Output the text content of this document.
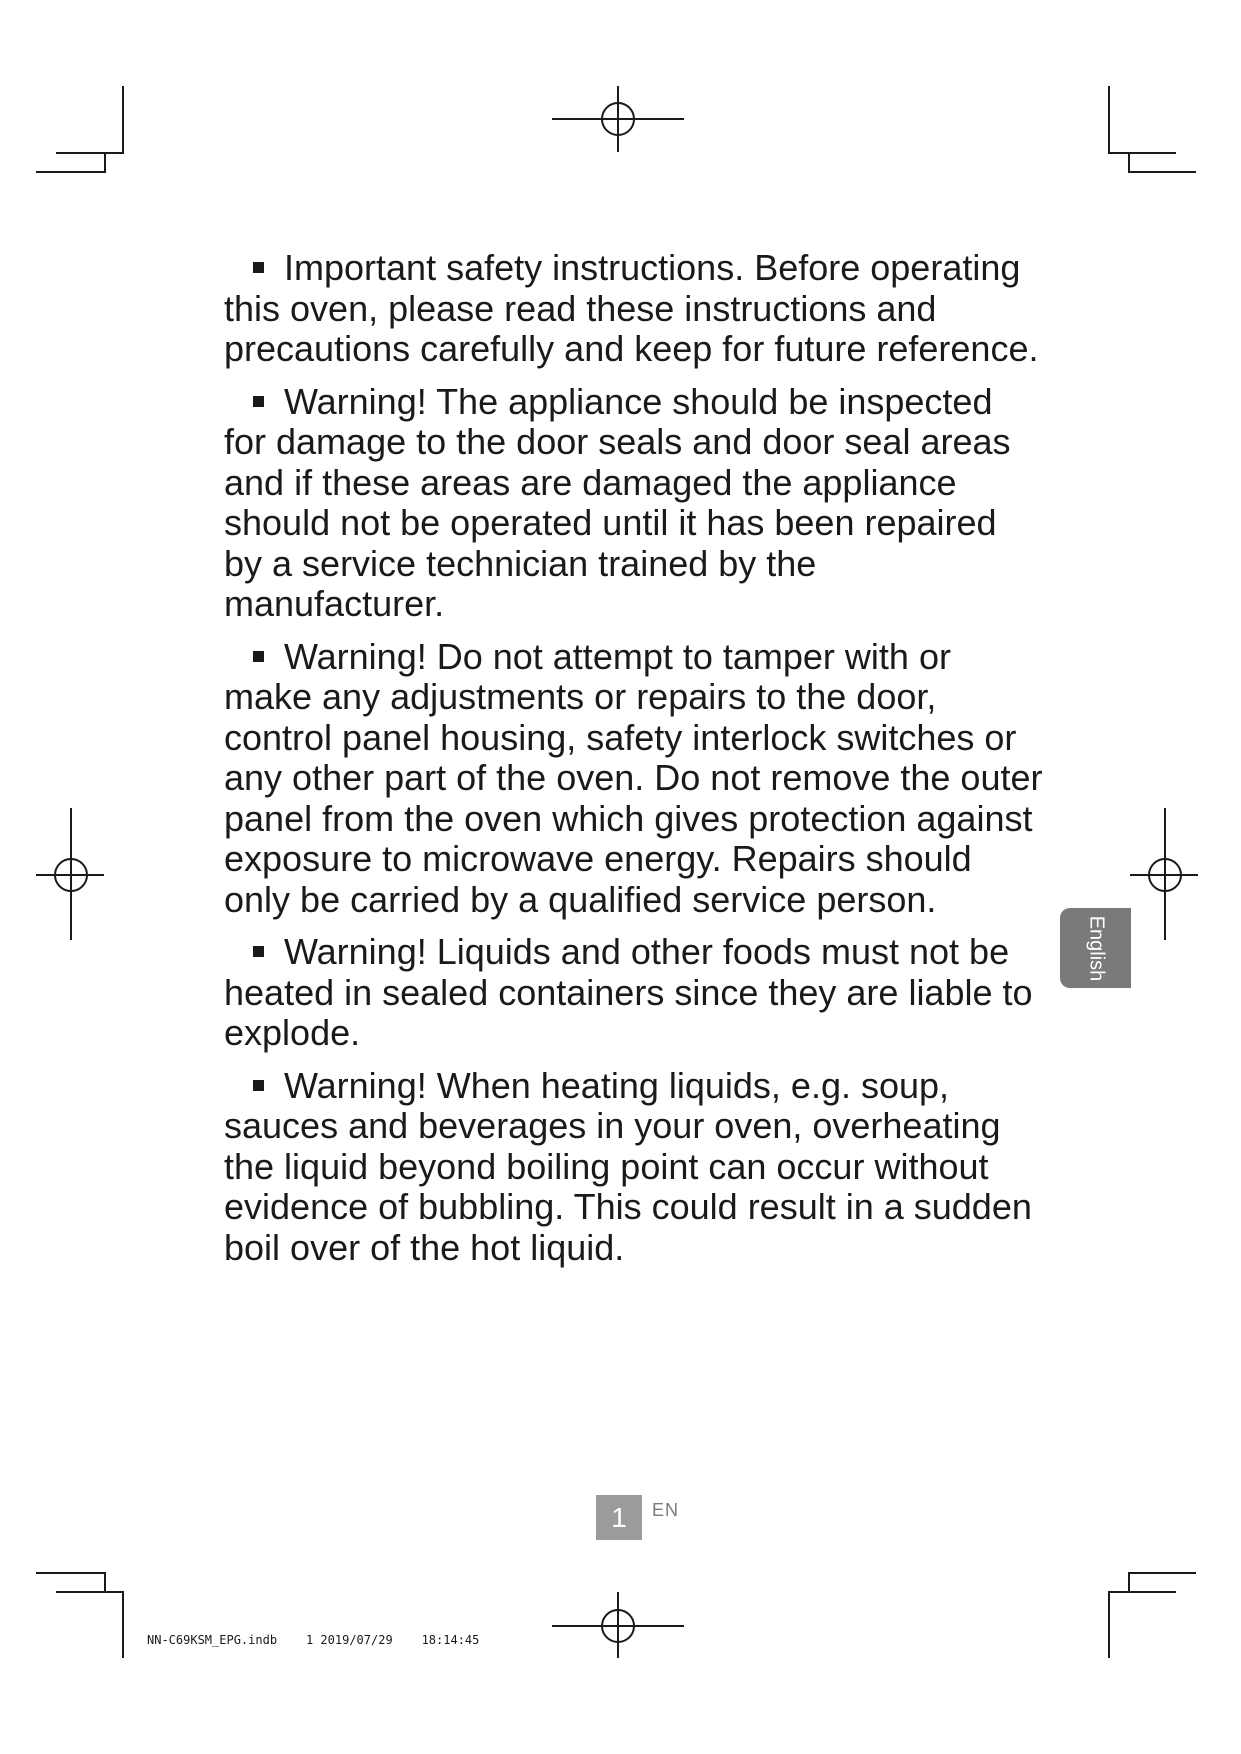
Important safety instructions. Before operating this oven, please read these instructions and precautions carefully and keep for future reference.

Warning! The appliance should be inspected for damage to the door seals and door seal areas and if these areas are damaged the appliance should not be operated until it has been repaired by a service technician trained by the manufacturer.

Warning! Do not attempt to tamper with or make any adjustments or repairs to the door, control panel housing, safety interlock switches or any other part of the oven. Do not remove the outer panel from the oven which gives protection against exposure to microwave energy. Repairs should only be carried by a qualified service person.

Warning! Liquids and other foods must not be heated in sealed containers since they are liable to explode.

Warning! When heating liquids, e.g. soup, sauces and beverages in your oven, overheating the liquid beyond boiling point can occur without evidence of bubbling. This could result in a sudden boil over of the hot liquid.

English
1	EN
NN-C69KSM_EPG.indb 1 2019/07/29 18:14:45
